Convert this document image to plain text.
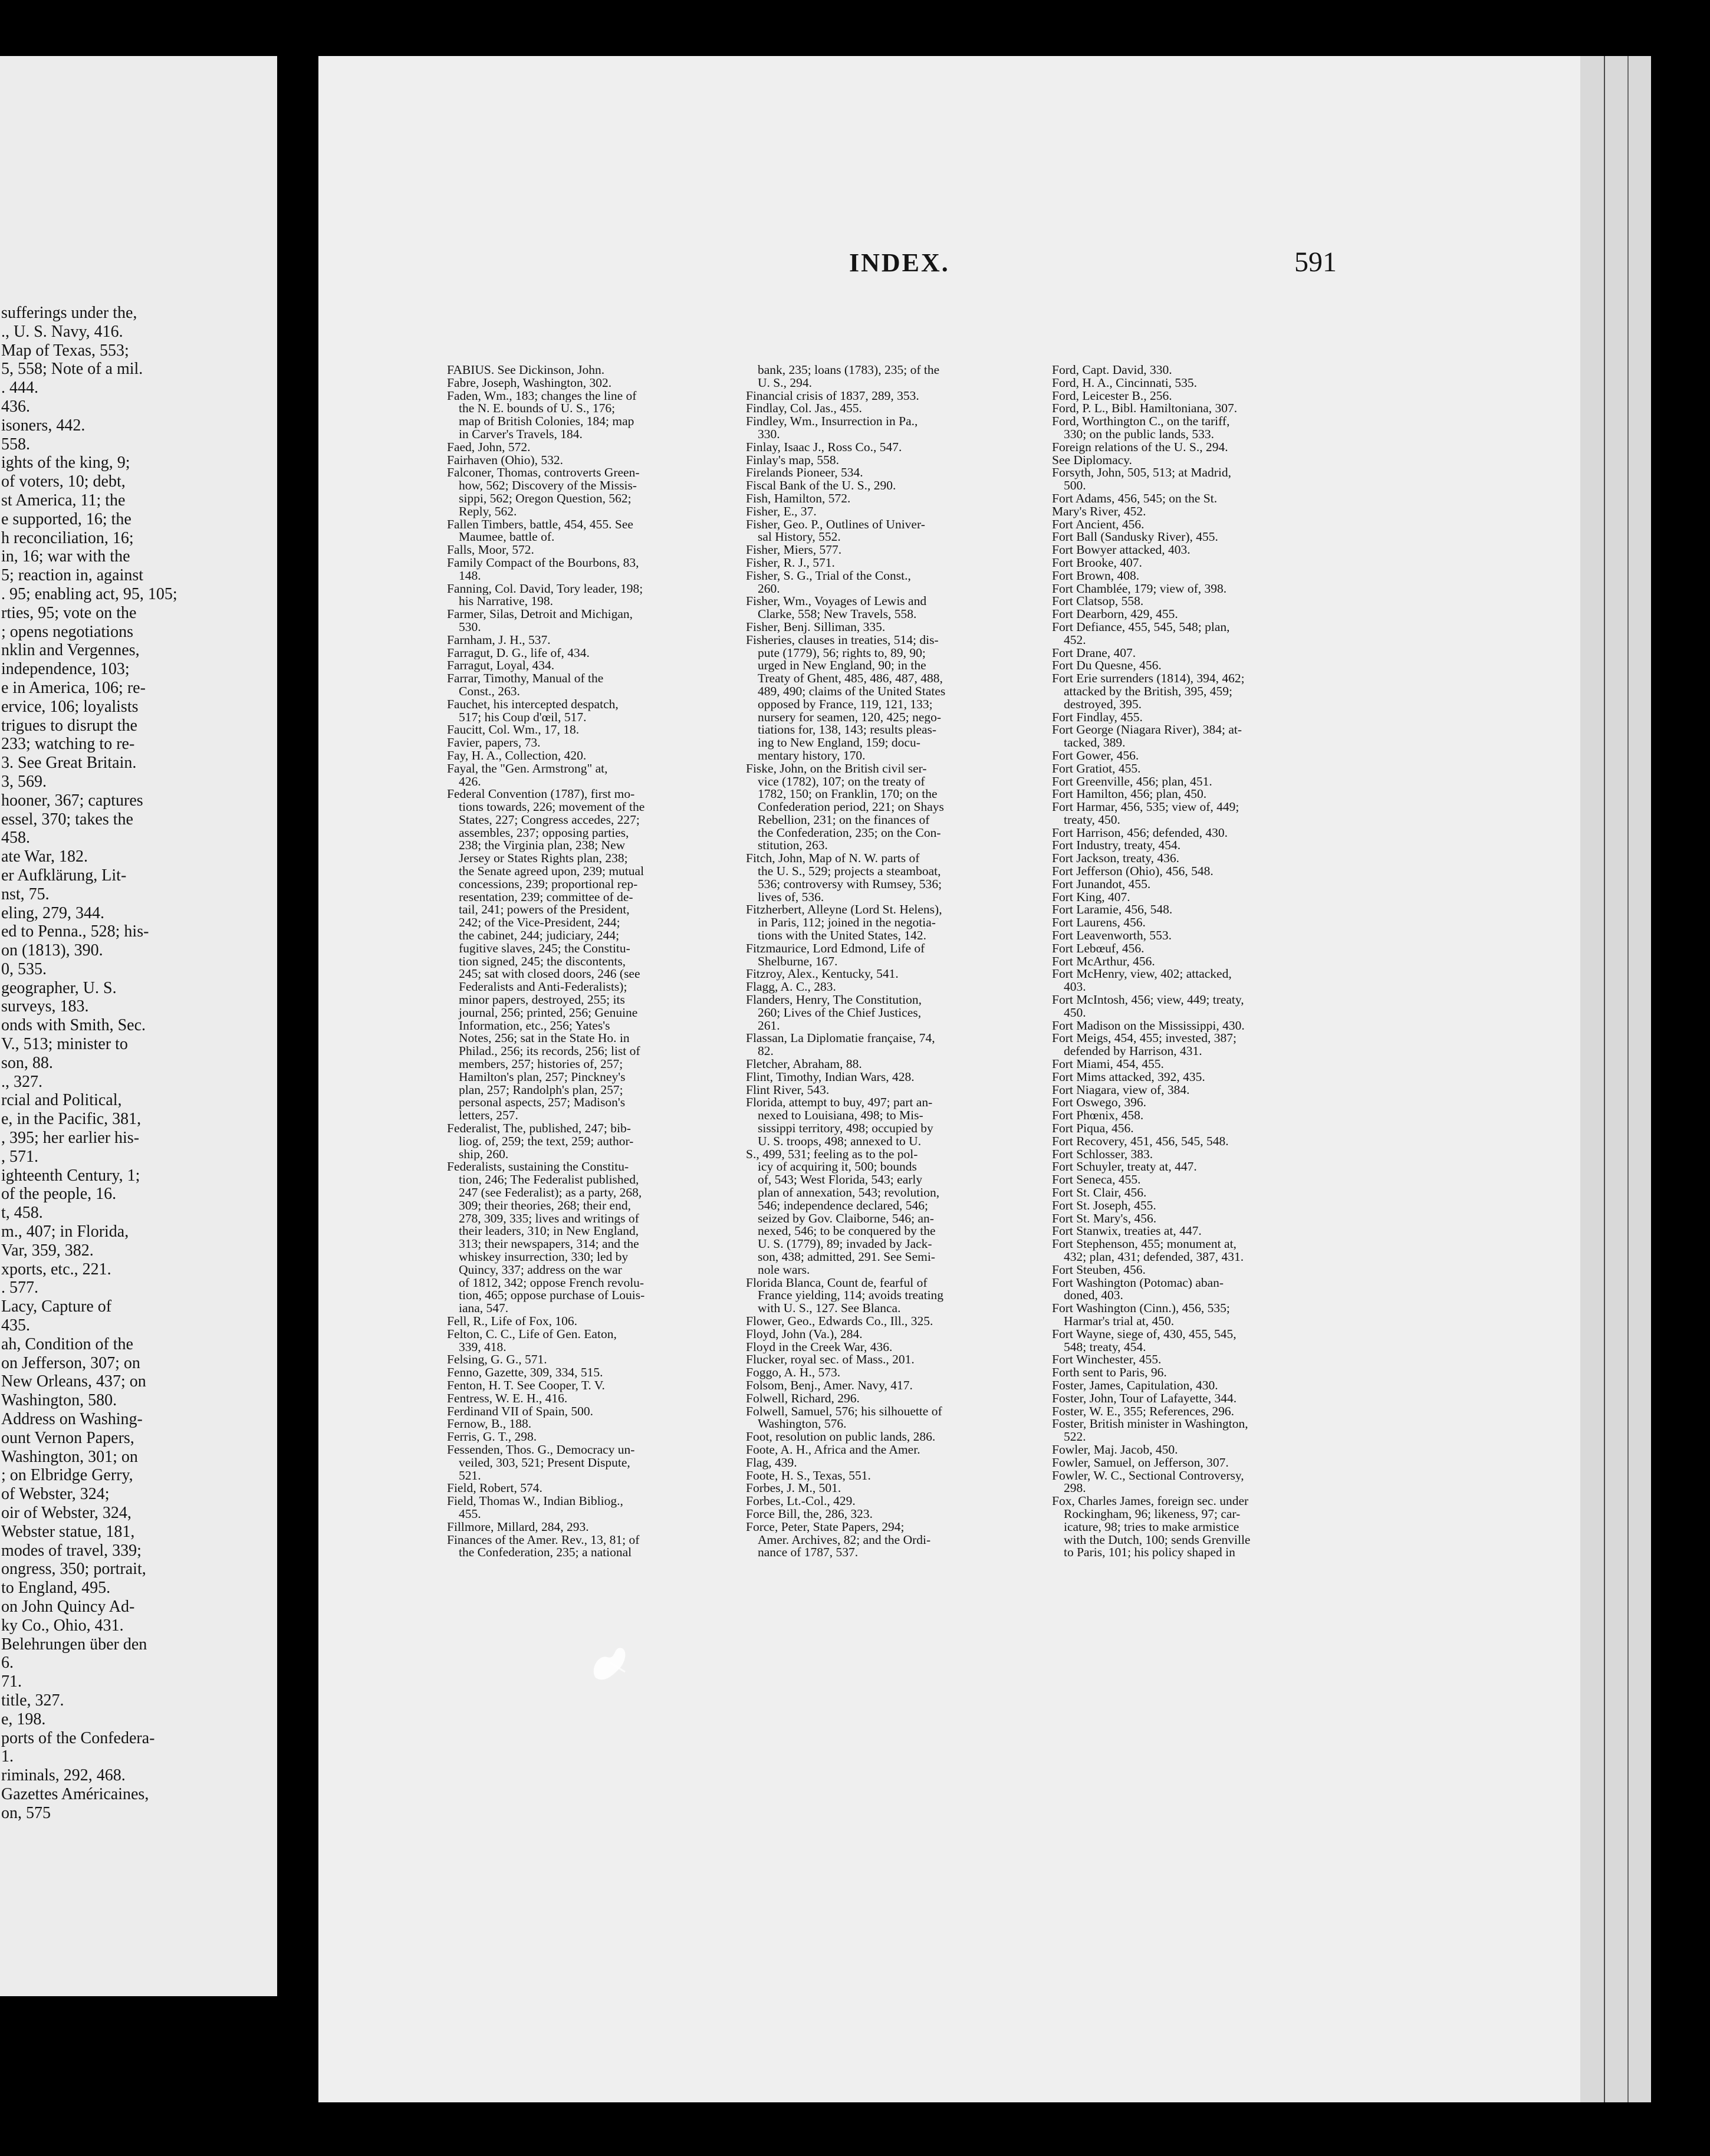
sufferings under the,
., U. S. Navy, 416.
Map of Texas, 553;
5, 558; Note of a mil.
. 444.
436.
isoners, 442.
558.
ights of the king, 9;
of voters, 10; debt,
st America, 11; the
e supported, 16; the
h reconciliation, 16;
in, 16; war with the
5; reaction in, against
. 95; enabling act, 95, 105;
rties, 95; vote on the
; opens negotiations
nklin and Vergennes,
independence, 103;
e in America, 106; re-
ervice, 106; loyalists
trigues to disrupt the
233; watching to re-
3. See Great Britain.
3, 569.
hooner, 367; captures
essel, 370; takes the
458.
ate War, 182.
er Aufklärung, Lit-
nst, 75.
eling, 279, 344.
ed to Penna., 528; his-
on (1813), 390.
0, 535.
geographer, U. S.
surveys, 183.
onds with Smith, Sec.
V., 513; minister to
son, 88.
., 327.
rcial and Political,
e, in the Pacific, 381,
, 395; her earlier his-
, 571.
ighteenth Century, 1;
of the people, 16.
t, 458.
m., 407; in Florida,
Var, 359, 382.
xports, etc., 221.
. 577.
Lacy, Capture of
435.
ah, Condition of the
on Jefferson, 307; on
New Orleans, 437; on
Washington, 580.
Address on Washing-
ount Vernon Papers,
Washington, 301; on
; on Elbridge Gerry,
of Webster, 324;
oir of Webster, 324,
Webster statue, 181,
modes of travel, 339;
ongress, 350; portrait,
to England, 495.
on John Quincy Ad-
ky Co., Ohio, 431.
Belehrungen über den
6.
71.
title, 327.
e, 198.
ports of the Confedera-
1.
riminals, 292, 468.
Gazettes Américaines,
on, 575
INDEX.	591
FABIUS. See Dickinson, John.
Fabre, Joseph, Washington, 302.
Faden, Wm., 183; changes the line of
the N. E. bounds of U. S., 176;
map of British Colonies, 184; map
in Carver's Travels, 184.
Faed, John, 572.
Fairhaven (Ohio), 532.
Falconer, Thomas, controverts Green-
how, 562; Discovery of the Missis-
sippi, 562; Oregon Question, 562;
Reply, 562.
Fallen Timbers, battle, 454, 455. See
Maumee, battle of.
Falls, Moor, 572.
Family Compact of the Bourbons, 83,
148.
Fanning, Col. David, Tory leader, 198;
his Narrative, 198.
Farmer, Silas, Detroit and Michigan,
530.
Farnham, J. H., 537.
Farragut, D. G., life of, 434.
Farragut, Loyal, 434.
Farrar, Timothy, Manual of the
Const., 263.
Fauchet, his intercepted despatch,
517; his Coup d'œil, 517.
Faucitt, Col. Wm., 17, 18.
Favier, papers, 73.
Fay, H. A., Collection, 420.
Fayal, the "Gen. Armstrong" at,
426.
Federal Convention (1787), first mo-
tions towards, 226; movement of the
States, 227; Congress accedes, 227;
assembles, 237; opposing parties,
238; the Virginia plan, 238; New
Jersey or States Rights plan, 238;
the Senate agreed upon, 239; mutual
concessions, 239; proportional rep-
resentation, 239; committee of de-
tail, 241; powers of the President,
242; of the Vice-President, 244;
the cabinet, 244; judiciary, 244;
fugitive slaves, 245; the Constitu-
tion signed, 245; the discontents,
245; sat with closed doors, 246 (see
Federalists and Anti-Federalists);
minor papers, destroyed, 255; its
journal, 256; printed, 256; Genuine
Information, etc., 256; Yates's
Notes, 256; sat in the State Ho. in
Philad., 256; its records, 256; list of
members, 257; histories of, 257;
Hamilton's plan, 257; Pinckney's
plan, 257; Randolph's plan, 257;
personal aspects, 257; Madison's
letters, 257.
Federalist, The, published, 247; bib-
liog. of, 259; the text, 259; author-
ship, 260.
Federalists, sustaining the Constitu-
tion, 246; The Federalist published,
247 (see Federalist); as a party, 268,
309; their theories, 268; their end,
278, 309, 335; lives and writings of
their leaders, 310; in New England,
313; their newspapers, 314; and the
whiskey insurrection, 330; led by
Quincy, 337; address on the war
of 1812, 342; oppose French revolu-
tion, 465; oppose purchase of Louis-
iana, 547.
Fell, R., Life of Fox, 106.
Felton, C. C., Life of Gen. Eaton,
339, 418.
Felsing, G. G., 571.
Fenno, Gazette, 309, 334, 515.
Fenton, H. T. See Cooper, T. V.
Fentress, W. E. H., 416.
Ferdinand VII of Spain, 500.
Fernow, B., 188.
Ferris, G. T., 298.
Fessenden, Thos. G., Democracy un-
veiled, 303, 521; Present Dispute,
521.
Field, Robert, 574.
Field, Thomas W., Indian Bibliog.,
455.
Fillmore, Millard, 284, 293.
Finances of the Amer. Rev., 13, 81; of
the Confederation, 235; a national
bank, 235; loans (1783), 235; of the
U. S., 294.
Financial crisis of 1837, 289, 353.
Findlay, Col. Jas., 455.
Findley, Wm., Insurrection in Pa.,
330.
Finlay, Isaac J., Ross Co., 547.
Finlay's map, 558.
Firelands Pioneer, 534.
Fiscal Bank of the U. S., 290.
Fish, Hamilton, 572.
Fisher, E., 37.
Fisher, Geo. P., Outlines of Univer-
sal History, 552.
Fisher, Miers, 577.
Fisher, R. J., 571.
Fisher, S. G., Trial of the Const.,
260.
Fisher, Wm., Voyages of Lewis and
Clarke, 558; New Travels, 558.
Fisher, Benj. Silliman, 335.
Fisheries, clauses in treaties, 514; dis-
pute (1779), 56; rights to, 89, 90;
urged in New England, 90; in the
Treaty of Ghent, 485, 486, 487, 488,
489, 490; claims of the United States
opposed by France, 119, 121, 133;
nursery for seamen, 120, 425; nego-
tiations for, 138, 143; results pleas-
ing to New England, 159; docu-
mentary history, 170.
Fiske, John, on the British civil ser-
vice (1782), 107; on the treaty of
1782, 150; on Franklin, 170; on the
Confederation period, 221; on Shays
Rebellion, 231; on the finances of
the Confederation, 235; on the Con-
stitution, 263.
Fitch, John, Map of N. W. parts of
the U. S., 529; projects a steamboat,
536; controversy with Rumsey, 536;
lives of, 536.
Fitzherbert, Alleyne (Lord St. Helens),
in Paris, 112; joined in the negotia-
tions with the United States, 142.
Fitzmaurice, Lord Edmond, Life of
Shelburne, 167.
Fitzroy, Alex., Kentucky, 541.
Flagg, A. C., 283.
Flanders, Henry, The Constitution,
260; Lives of the Chief Justices,
261.
Flassan, La Diplomatie française, 74,
82.
Fletcher, Abraham, 88.
Flint, Timothy, Indian Wars, 428.
Flint River, 543.
Florida, attempt to buy, 497; part an-
nexed to Louisiana, 498; to Mis-
sissippi territory, 498; occupied by
U. S. troops, 498; annexed to U.
S., 499, 531; feeling as to the pol-
icy of acquiring it, 500; bounds
of, 543; West Florida, 543; early
plan of annexation, 543; revolution,
546; independence declared, 546;
seized by Gov. Claiborne, 546; an-
nexed, 546; to be conquered by the
U. S. (1779), 89; invaded by Jack-
son, 438; admitted, 291. See Semi-
nole wars.
Florida Blanca, Count de, fearful of
France yielding, 114; avoids treating
with U. S., 127. See Blanca.
Flower, Geo., Edwards Co., Ill., 325.
Floyd, John (Va.), 284.
Floyd in the Creek War, 436.
Flucker, royal sec. of Mass., 201.
Foggo, A. H., 573.
Folsom, Benj., Amer. Navy, 417.
Folwell, Richard, 296.
Folwell, Samuel, 576; his silhouette of
Washington, 576.
Foot, resolution on public lands, 286.
Foote, A. H., Africa and the Amer.
Flag, 439.
Foote, H. S., Texas, 551.
Forbes, J. M., 501.
Forbes, Lt.-Col., 429.
Force Bill, the, 286, 323.
Force, Peter, State Papers, 294;
Amer. Archives, 82; and the Ordi-
nance of 1787, 537.
Ford, Capt. David, 330.
Ford, H. A., Cincinnati, 535.
Ford, Leicester B., 256.
Ford, P. L., Bibl. Hamiltoniana, 307.
Ford, Worthington C., on the tariff,
330; on the public lands, 533.
Foreign relations of the U. S., 294.
See Diplomacy.
Forsyth, John, 505, 513; at Madrid,
500.
Fort Adams, 456, 545; on the St.
Mary's River, 452.
Fort Ancient, 456.
Fort Ball (Sandusky River), 455.
Fort Bowyer attacked, 403.
Fort Brooke, 407.
Fort Brown, 408.
Fort Chamblée, 179; view of, 398.
Fort Clatsop, 558.
Fort Dearborn, 429, 455.
Fort Defiance, 455, 545, 548; plan,
452.
Fort Drane, 407.
Fort Du Quesne, 456.
Fort Erie surrenders (1814), 394, 462;
attacked by the British, 395, 459;
destroyed, 395.
Fort Findlay, 455.
Fort George (Niagara River), 384; at-
tacked, 389.
Fort Gower, 456.
Fort Gratiot, 455.
Fort Greenville, 456; plan, 451.
Fort Hamilton, 456; plan, 450.
Fort Harmar, 456, 535; view of, 449;
treaty, 450.
Fort Harrison, 456; defended, 430.
Fort Industry, treaty, 454.
Fort Jackson, treaty, 436.
Fort Jefferson (Ohio), 456, 548.
Fort Junandot, 455.
Fort King, 407.
Fort Laramie, 456, 548.
Fort Laurens, 456.
Fort Leavenworth, 553.
Fort Lebœuf, 456.
Fort McArthur, 456.
Fort McHenry, view, 402; attacked,
403.
Fort McIntosh, 456; view, 449; treaty,
450.
Fort Madison on the Mississippi, 430.
Fort Meigs, 454, 455; invested, 387;
defended by Harrison, 431.
Fort Miami, 454, 455.
Fort Mims attacked, 392, 435.
Fort Niagara, view of, 384.
Fort Oswego, 396.
Fort Phœnix, 458.
Fort Piqua, 456.
Fort Recovery, 451, 456, 545, 548.
Fort Schlosser, 383.
Fort Schuyler, treaty at, 447.
Fort Seneca, 455.
Fort St. Clair, 456.
Fort St. Joseph, 455.
Fort St. Mary's, 456.
Fort Stanwix, treaties at, 447.
Fort Stephenson, 455; monument at,
432; plan, 431; defended, 387, 431.
Fort Steuben, 456.
Fort Washington (Potomac) aban-
doned, 403.
Fort Washington (Cinn.), 456, 535;
Harmar's trial at, 450.
Fort Wayne, siege of, 430, 455, 545,
548; treaty, 454.
Fort Winchester, 455.
Forth sent to Paris, 96.
Foster, James, Capitulation, 430.
Foster, John, Tour of Lafayette, 344.
Foster, W. E., 355; References, 296.
Foster, British minister in Washington,
522.
Fowler, Maj. Jacob, 450.
Fowler, Samuel, on Jefferson, 307.
Fowler, W. C., Sectional Controversy,
298.
Fox, Charles James, foreign sec. under
Rockingham, 96; likeness, 97; car-
icature, 98; tries to make armistice
with the Dutch, 100; sends Grenville
to Paris, 101; his policy shaped in
